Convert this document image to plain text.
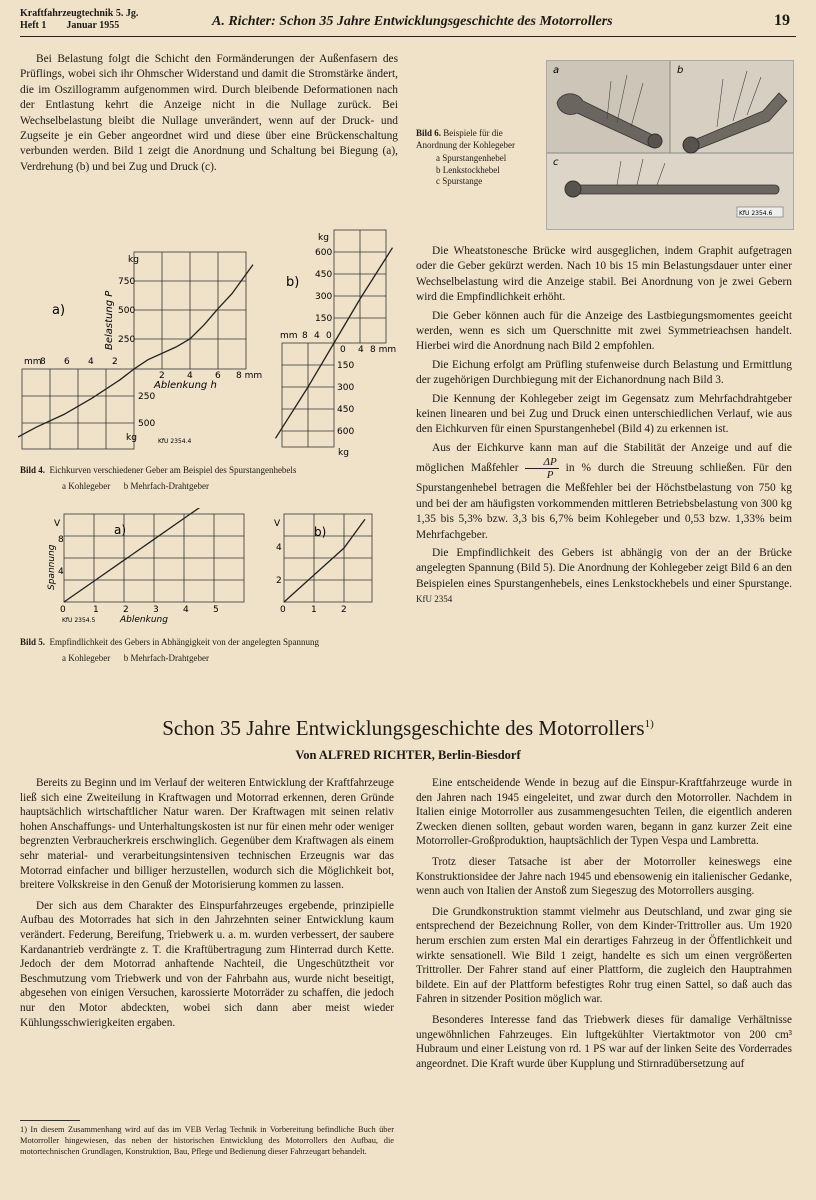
Kraftfahrzeugtechnik 5. Jg.
Heft 1        Januar 1955	A. Richter: Schon 35 Jahre Entwicklungsgeschichte des Motorrollers	19

Bei Belastung folgt die Schicht den Formänderungen der Außenfasern des Prüflings, wobei sich ihr Ohmscher Widerstand und damit die Stromstärke ändert, die im Oszillogramm aufgenommen wird. Durch bleibende Deformationen nach der Entlastung kehrt die Anzeige nicht in die Nullage zurück. Bei Wechselbelastung bleibt die Nullage unverändert, wenn auf der Druck- und Zugseite je ein Geber angeordnet wird und diese über eine Brückenschaltung verbunden werden. Bild 1 zeigt die Anordnung und Schaltung bei Biegung (a), Verdrehung (b) und bei Zug und Druck (c).

a)
kg
mm
kg
Belastung P
Ablenkung h
750
500
250
250
500
2 4 6 8 mm
8 6 4 2
KfU 2354.4
b)
kg
kg
mm
600
450
300
150
150
300
450
600
0 4 8 mm
8 4 0
Bild 4. Eichkurven verschiedener Geber am Beispiel des Spurstangenhebels
a Kohlegeber b Mehrfach-Drahtgeber
a)
V
Spannung
8
4
0	1	2	3	4	5
Ablenkung
KfU 2354.5
b)
V
4
2
0	1	2
Bild 5. Empfindlichkeit des Gebers in Abhängigkeit von der angelegten Spannung
a Kohlegeber b Mehrfach-Drahtgeber
Bild 6. Beispiele für die Anordnung der Kohlegeber
a Spurstangenhebel
b Lenkstockhebel
c Spurstange
a	b
c
KfU 2354.6

Die Wheatstonesche Brücke wird ausgeglichen, indem Graphit aufgetragen oder die Geber gekürzt werden. Nach 10 bis 15 min Belastungsdauer unter einer Wechselbelastung wird die Anzeige stabil. Bei Anordnung von je zwei Gebern wird die Empfindlichkeit erhöht.

Die Geber können auch für die Anzeige des Lastbiegungsmomentes geeicht werden, wenn es sich um Querschnitte mit zwei Symmetrieachsen handelt. Hierbei wird die Anordnung nach Bild 2 empfohlen.

Die Eichung erfolgt am Prüfling stufenweise durch Belastung und Ermittlung der zugehörigen Durchbiegung mit der Eichanordnung nach Bild 3.

Die Kennung der Kohlegeber zeigt im Gegensatz zum Mehrfachdrahtgeber keinen linearen und bei Zug und Druck einen unterschiedlichen Verlauf, wie aus den Eichkurven für einen Spurstangenhebel (Bild 4) zu erkennen ist.

Aus der Eichkurve kann man auf die Stabilität der Anzeige und auf die möglichen Maßfehler $\frac{\Delta P}{P}$ in % durch die Streuung schließen. Für den Spurstangenhebel betragen die Meßfehler bei der Höchstbelastung von 750 kg und bei der am häufigsten vorkommenden mittleren Betriebsbelastung von 300 kg 1,35 bis 5,3% bzw. 3,3 bis 6,7% beim Kohlegeber und 0,53 bzw. 1,33% beim Mehrfachgeber.

Die Empfindlichkeit des Gebers ist abhängig von der an der Brücke angelegten Spannung (Bild 5). Die Anordnung der Kohlegeber zeigt Bild 6 an den Beispielen eines Spurstangenhebels, eines Lenkstockhebels und einer Spurstange. KfU 2354

Schon 35 Jahre Entwicklungsgeschichte des Motorrollers$^{1)}$
Von ALFRED RICHTER, Berlin-Biesdorf

Bereits zu Beginn und im Verlauf der weiteren Entwicklung der Kraftfahrzeuge ließ sich eine Zweiteilung in Kraftwagen und Motorrad erkennen, deren Gründe hauptsächlich wirtschaftlicher Natur waren. Der Kraftwagen mit seinen relativ hohen Anschaffungs- und Unterhaltungskosten ist nur für einen mehr oder weniger begrenzten Verbraucherkreis erschwinglich. Gegenüber dem Kraftwagen als einem sehr material- und verarbeitungsintensiven technischen Erzeugnis war das Motorrad einfacher und billiger herzustellen, wodurch sich die Möglichkeit bot, breitere Volkskreise in den Genuß der Motorisierung kommen zu lassen.

Der sich aus dem Charakter des Einspurfahrzeuges ergebende, prinzipielle Aufbau des Motorrades hat sich in den Jahrzehnten seiner Entwicklung kaum verändert. Federung, Bereifung, Triebwerk u. a. m. wurden verbessert, der saubere Kardanantrieb verdrängte z. T. die Kraftübertragung zum Hinterrad durch Kette. Jedoch der dem Motorrad anhaftende Nachteil, die Ungeschütztheit vor Beschmutzung vom Triebwerk und von der Fahrbahn aus, wurde nicht beseitigt, abgesehen von einigen Versuchen, karossierte Motorräder zu schaffen, die jedoch nur den Motor abdeckten, wobei sich dann aber meist wieder Kühlungsschwierigkeiten ergaben.

1) In diesem Zusammenhang wird auf das im VEB Verlag Technik in Vorbereitung befindliche Buch über Motorroller hingewiesen, das neben der historischen Entwicklung des Motorrollers den Aufbau, die motortechnischen Grundlagen, Konstruktion, Bau, Pflege und Bedienung dieser Fahrzeugart behandelt.

Eine entscheidende Wende in bezug auf die Einspur-Kraftfahrzeuge wurde in den Jahren nach 1945 eingeleitet, und zwar durch den Motorroller. Nachdem in Italien einige Motorroller aus zusammengesuchten Teilen, die eigentlich anderen Zwecken dienen sollten, gebaut worden waren, begann in ganz kurzer Zeit eine Motorroller-Großproduktion, hauptsächlich der Typen Vespa und Lambretta.

Trotz dieser Tatsache ist aber der Motorroller keineswegs eine Konstruktionsidee der Jahre nach 1945 und ebensowenig ein italienischer Gedanke, wenn auch von Italien der Anstoß zum Siegeszug des Motorrollers ausging.

Die Grundkonstruktion stammt vielmehr aus Deutschland, und zwar ging sie entsprechend der Bezeichnung Roller, von dem Kinder-Trittroller aus. Um 1920 herum erschien zum ersten Mal ein derartiges Fahrzeug in der Öffentlichkeit und wirkte sensationell. Wie Bild 1 zeigt, handelte es sich um einen vergrößerten Trittroller. Der Fahrer stand auf einer Plattform, die zugleich den Hauptrahmen bildete. Ein auf der Plattform befestigtes Rohr trug einen Sattel, so daß auch das Fahren in sitzender Position möglich war.

Besonderes Interesse fand das Triebwerk dieses für damalige Verhältnisse ungewöhnlichen Fahrzeuges. Ein luftgekühlter Viertaktmotor von 200 cm³ Hubraum und einer Leistung von rd. 1 PS war auf der linken Seite des Vorderrades angeordnet. Die Kraft wurde über Kupplung und Stirnradübersetzung auf
